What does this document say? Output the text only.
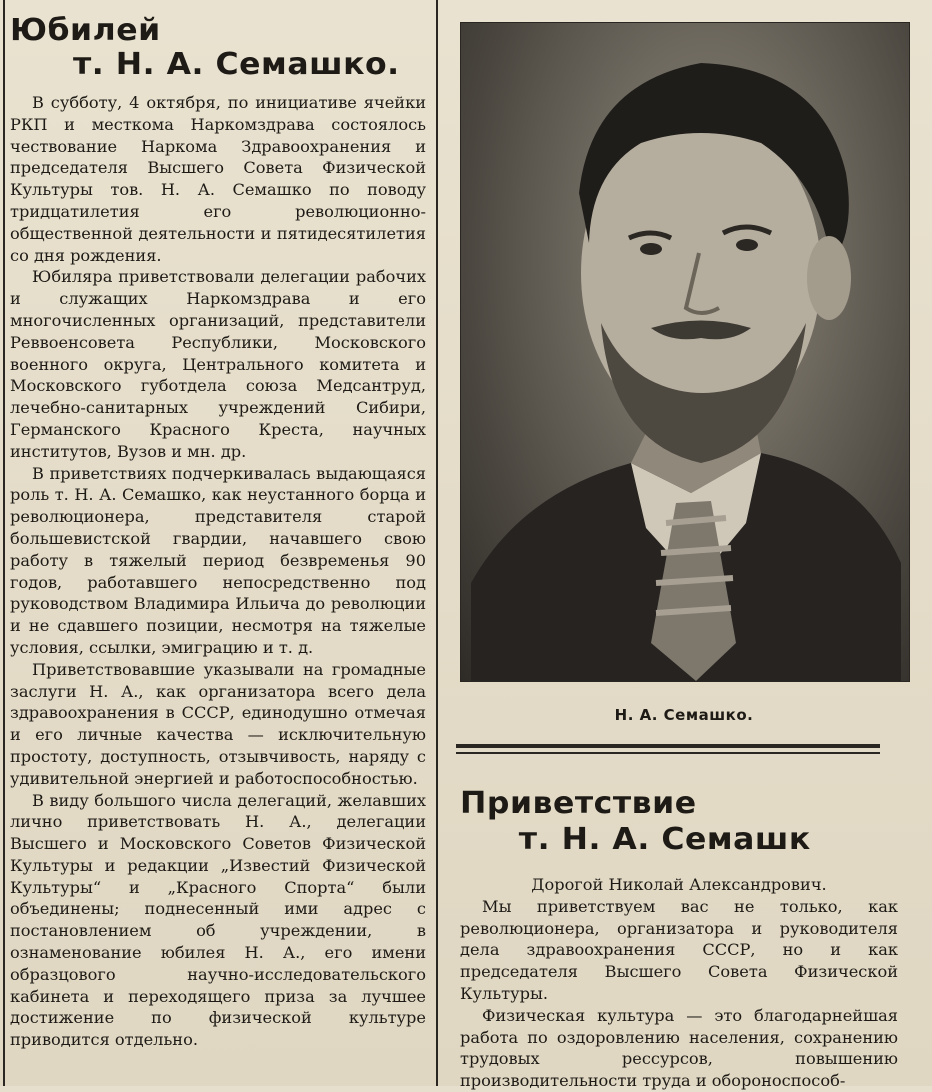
Юбилей
т. Н. А. Семашко.

В субботу, 4 октября, по инициативе ячейки РКП и месткома Наркомздрава состоялось чествование Наркома Здравоохранения и председателя Высшего Совета Физической Культуры тов. Н. А. Семашко по поводу тридцатилетия его революционно-общественной деятельности и пятидесятилетия со дня рождения.

Юбиляра приветствовали делегации рабочих и служащих Наркомздрава и его многочисленных организаций, представители Реввоенсовета Республики, Московского военного округа, Центрального комитета и Московского губотдела союза Медсантруд, лечебно-санитарных учреждений Сибири, Германского Красного Креста, научных институтов, Вузов и мн. др.

В приветствиях подчеркивалась выдающаяся роль т. Н. А. Семашко, как неустанного борца и революционера, представителя старой большевистской гвардии, начавшего свою работу в тяжелый период безвременья 90 годов, работавшего непосредственно под руководством Владимира Ильича до революции и не сдавшего позиции, несмотря на тяжелые условия, ссылки, эмиграцию и т. д.

Приветствовавшие указывали на громадные заслуги Н. А., как организатора всего дела здравоохранения в СССР, единодушно отмечая и его личные качества — исключительную простоту, доступность, отзывчивость, наряду с удивительной энергией и работоспособностью.

В виду большого числа делегаций, желавших лично приветствовать Н. А., делегации Высшего и Московского Советов Физической Культуры и редакции „Известий Физической Культуры“ и „Красного Спорта“ были объединены; поднесенный ими адрес с постановлением об учреждении, в ознаменование юбилея Н. А., его имени образцового научно-исследовательского кабинета и переходящего приза за лучшее достижение по физической культуре приводится отдельно.

Н. А. Семашко.
Приветствие
т. Н. А. Семашк

Дорогой Николай Александрович.

Мы приветствуем вас не только, как революционера, организатора и руководителя дела здравоохранения СССР, но и как председателя Высшего Совета Физической Культуры.

Физическая культура — это благодарнейшая работа по оздоровлению населения, сохранению трудовых рессурсов, повышению производительности труда и обороноспособ-
